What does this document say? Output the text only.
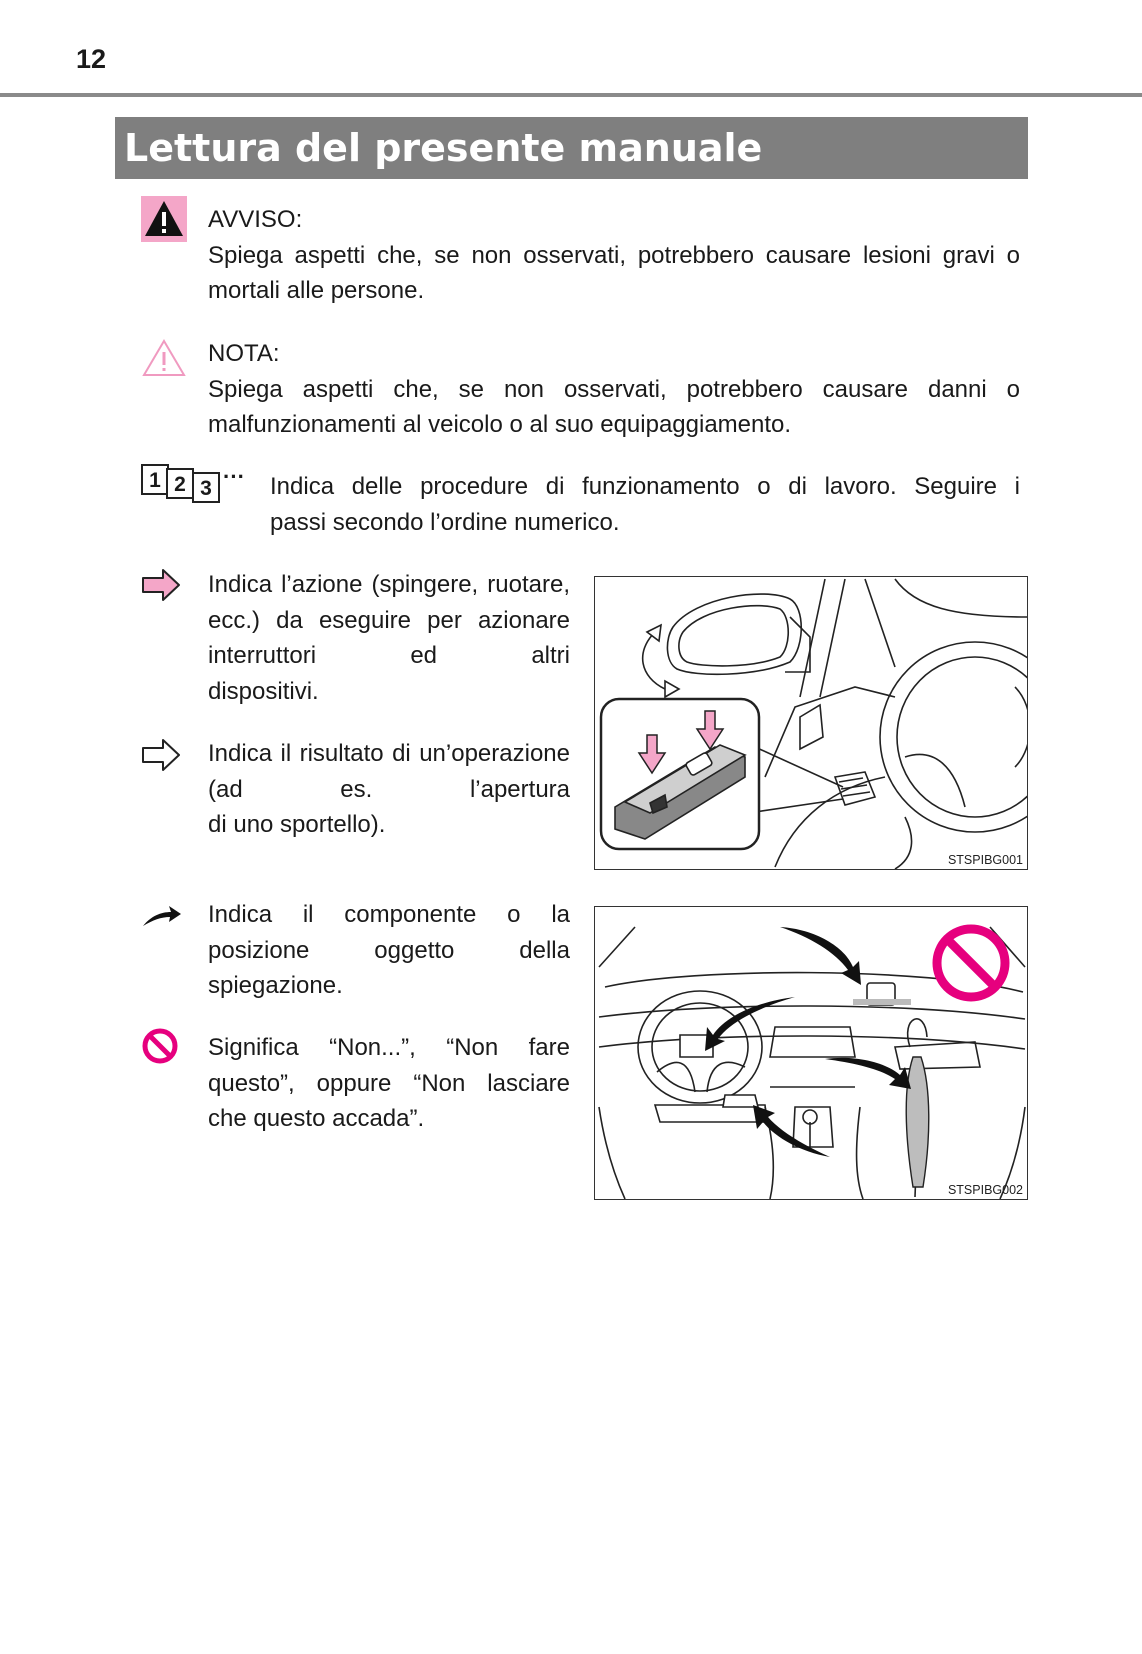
12
Lettura del presente manuale
AVVISO:
Spiega aspetti che, se non osservati, potrebbero causare lesioni gravi o
mortali alle persone.
NOTA:
Spiega aspetti che, se non osservati, potrebbero causare danni o
malfunzionamenti al veicolo o al suo equipaggiamento.
1 2 3 ··· Indica delle procedure di funzionamento o di lavoro. Seguire i
passi secondo l’ordine numerico.
Indica l’azione (spingere, ruotare, ecc.) da eseguire per azionare interruttori ed altri
dispositivi.
Indica il risultato di un’operazione (ad es. l’apertura
di uno sportello).
Indica il componente o la posizione oggetto della
spiegazione.
Significa “Non...”, “Non fare questo”, oppure “Non lasciare
che questo accada”.
STSPIBG001
STSPIBG002
